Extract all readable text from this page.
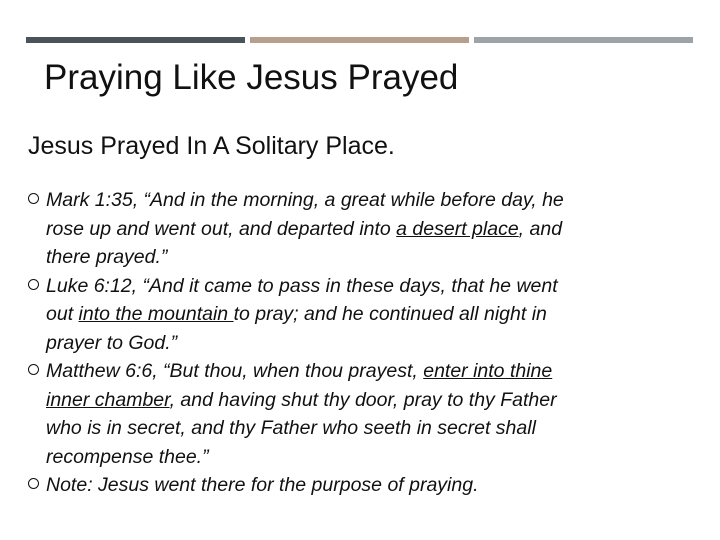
Praying Like Jesus Prayed
Jesus Prayed In A Solitary Place.
Mark 1:35, “And in the morning, a great while before day, he
rose up and went out, and departed into a desert place, and
there prayed.”
Luke 6:12, “And it came to pass in these days, that he went
out into the mountain to pray; and he continued all night in
prayer to God.”
Matthew 6:6, “But thou, when thou prayest, enter into thine
inner chamber, and having shut thy door, pray to thy Father
who is in secret, and thy Father who seeth in secret shall
recompense thee.”
Note: Jesus went there for the purpose of praying.
